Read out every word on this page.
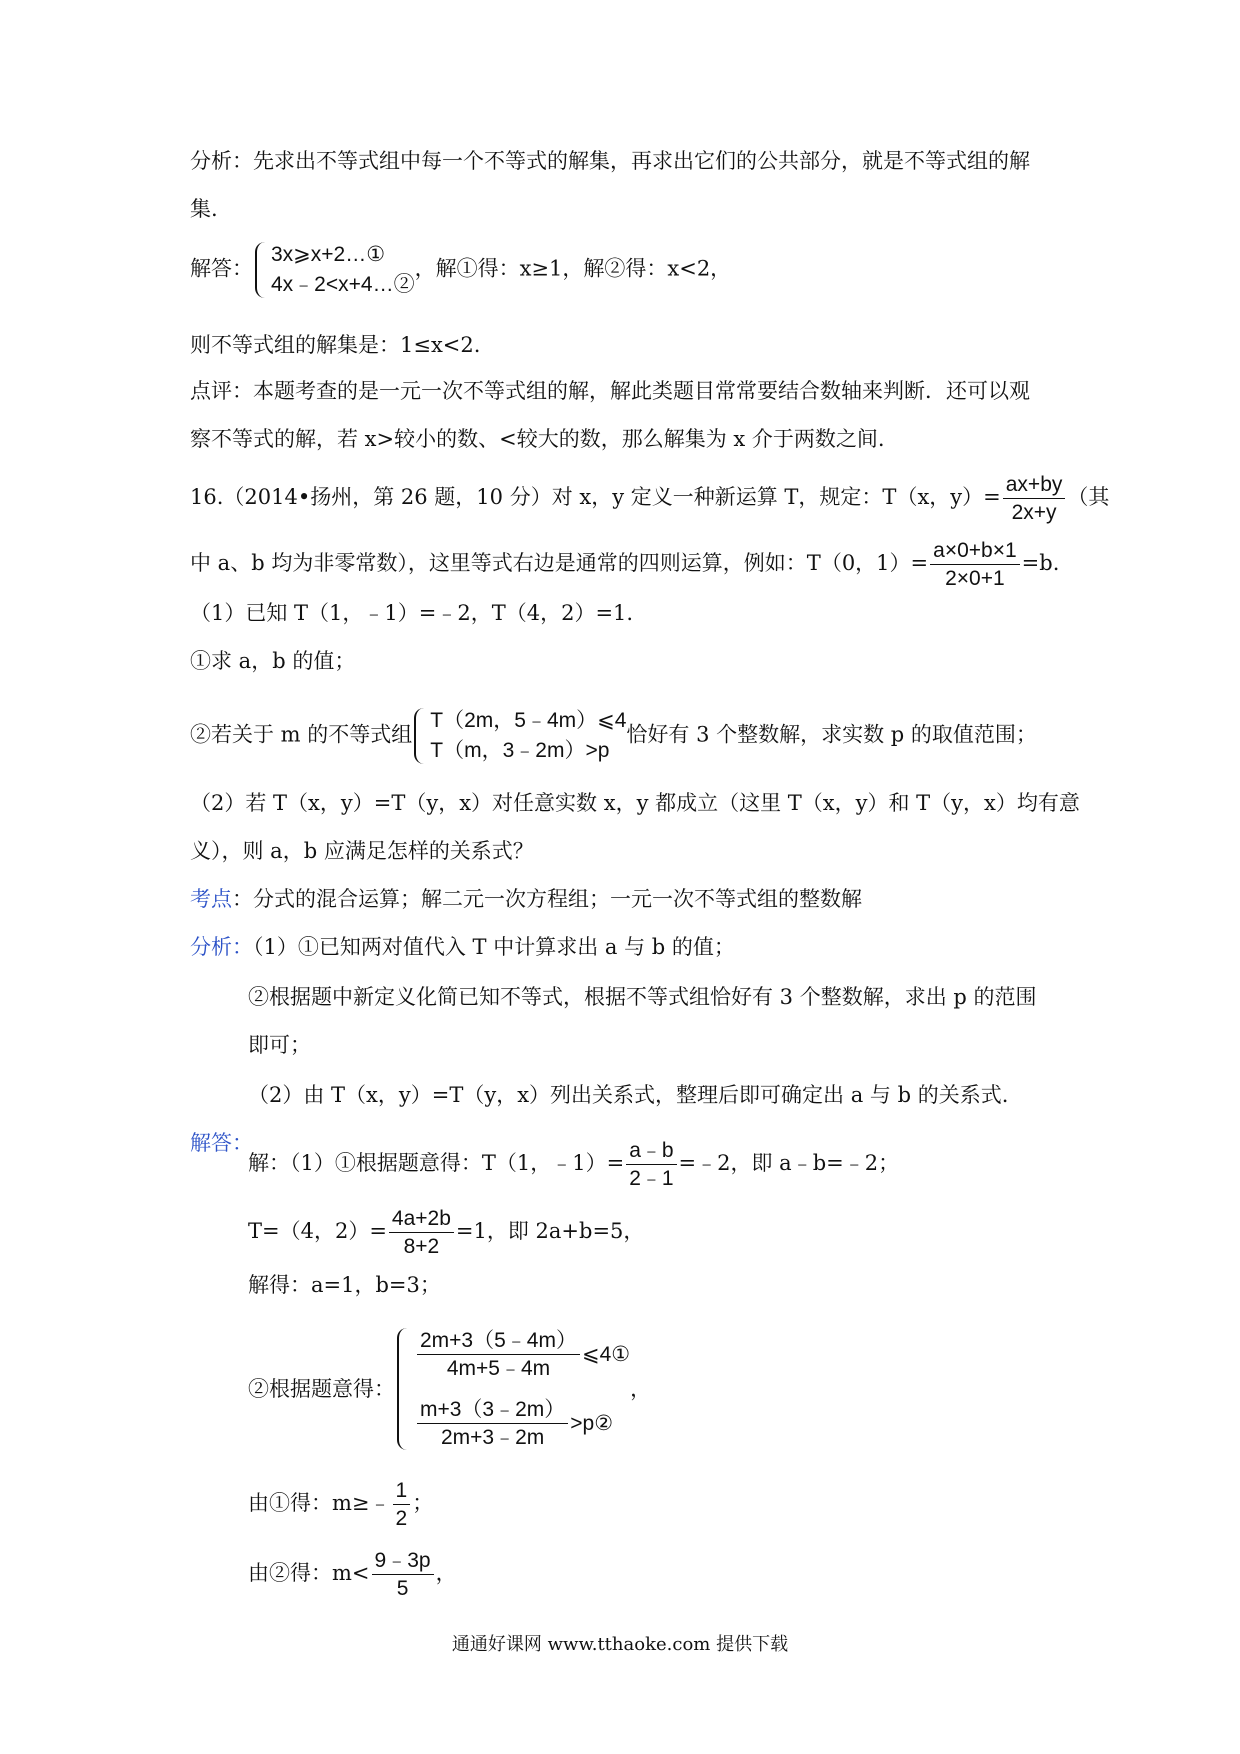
分析：先求出不等式组中每一个不等式的解集，再求出它们的公共部分，就是不等式组的解
集.
解答：
3x⩾x+2…①
4x﹣2<x+4…②
，解①得：x≥1，解②得：x<2，
则不等式组的解集是：1≤x<2.
点评：本题考查的是一元一次不等式组的解，解此类题目常常要结合数轴来判断．还可以观
察不等式的解，若 x>较小的数、<较大的数，那么解集为 x 介于两数之间.
16.（2014•扬州，第 26 题，10 分）对 x，y 定义一种新运算 T，规定：T（x，$y)= \frac{ax+by}{2x+y}$ （其
中 a、b 均为非零常数），这里等式右边是通常的四则运算，例如：T（0，$1)= \frac{a\times 0+b\times 1}{2\times 0+1} =b$.
（1）已知 T（1，﹣1）=﹣2，T（4，2）=1.
①求 a，b 的值；
②若关于 m 的不等式组
T（2m，5﹣4m）⩽4
T（m，3﹣2m）>p
恰好有 3 个整数解，求实数 p 的取值范围；
（2）若 T（x，y）=T（y，x）对任意实数 x，y 都成立（这里 T（x，y）和 T（y，x）均有意
义），则 a，b 应满足怎样的关系式？
考点：分式的混合运算；解二元一次方程组；一元一次不等式组的整数解
分析：（1）①已知两对值代入 T 中计算求出 a 与 b 的值；
②根据题中新定义化简已知不等式，根据不等式组恰好有 3 个整数解，求出 p 的范围
即可；
（2）由 T（x，y）=T（y，x）列出关系式，整理后即可确定出 a 与 b 的关系式.
解答：
解：（1）①根据题意得：T（1，﹣1）= $\frac{a﹣b}{2﹣1}$ =﹣2，即 a﹣b=﹣2；
T=（4，$2)= \frac{4a+2b}{8+2} =1$，即 2a+b=5，
解得：a=1，b=3；
②根据题意得：
$\frac{2m+3(5﹣4m)}{4m+5﹣4m}$ ⩽4①
$\frac{m+3(3﹣2m)}{2m+3﹣2m}$ >p②
，
由①得：m≥﹣ $\frac{1}{2}$ ；
由②得：$m< \frac{9﹣3p}{5}$ ，
通通好课网 www.tthaoke.com 提供下载
